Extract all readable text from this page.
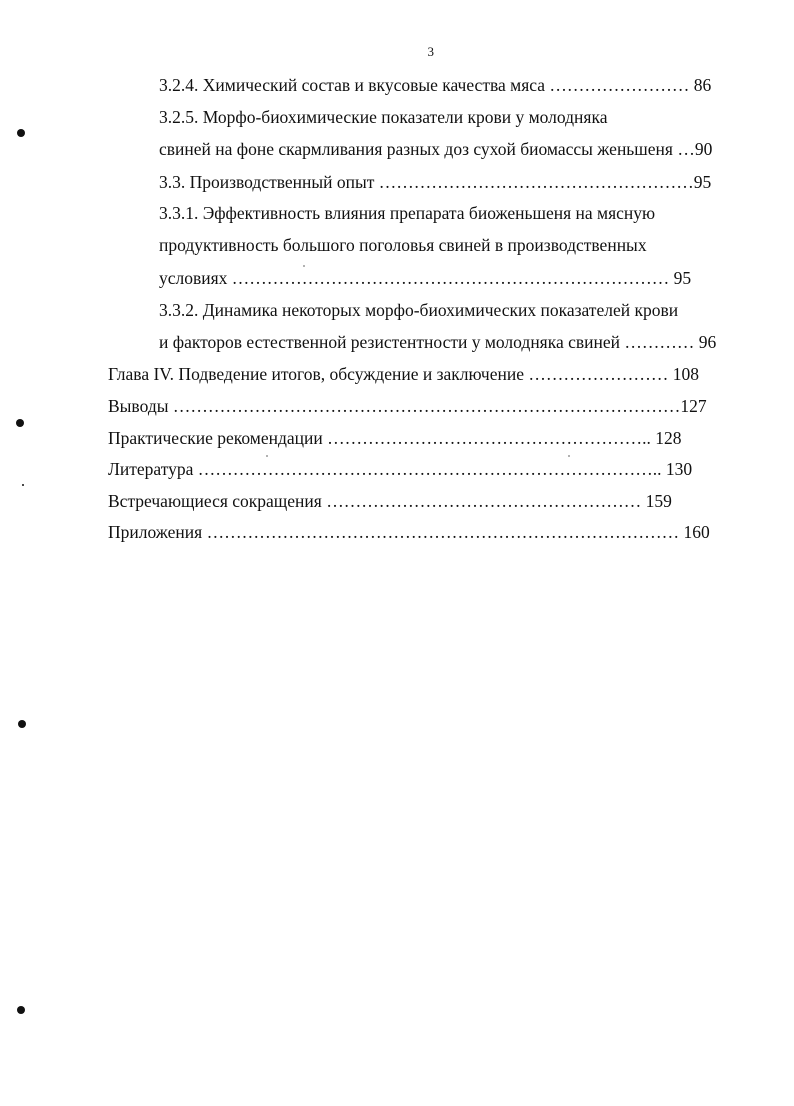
3
3.2.4. Химический состав и вкусовые качества мяса …………………… 86
3.2.5. Морфо-биохимические показатели крови у молодняка
свиней на фоне скармливания разных доз сухой биомассы женьшеня …90
3.3. Производственный опыт ………………………………………………95
3.3.1. Эффективность влияния препарата биоженьшеня на мясную
продуктивность большого поголовья свиней в производственных
условиях ………………………………………………………………… 95
3.3.2. Динамика некоторых морфо-биохимических показателей крови
и факторов естественной резистентности у молодняка свиней ………… 96
Глава IV. Подведение итогов, обсуждение и заключение …………………… 108
Выводы ……………………………………………………………………………127
Практические рекомендации ……………………………………………….. 128
Литература …………………………………………………………………….. 130
Встречающиеся сокращения ……………………………………………… 159
Приложения ……………………………………………………………………… 160
